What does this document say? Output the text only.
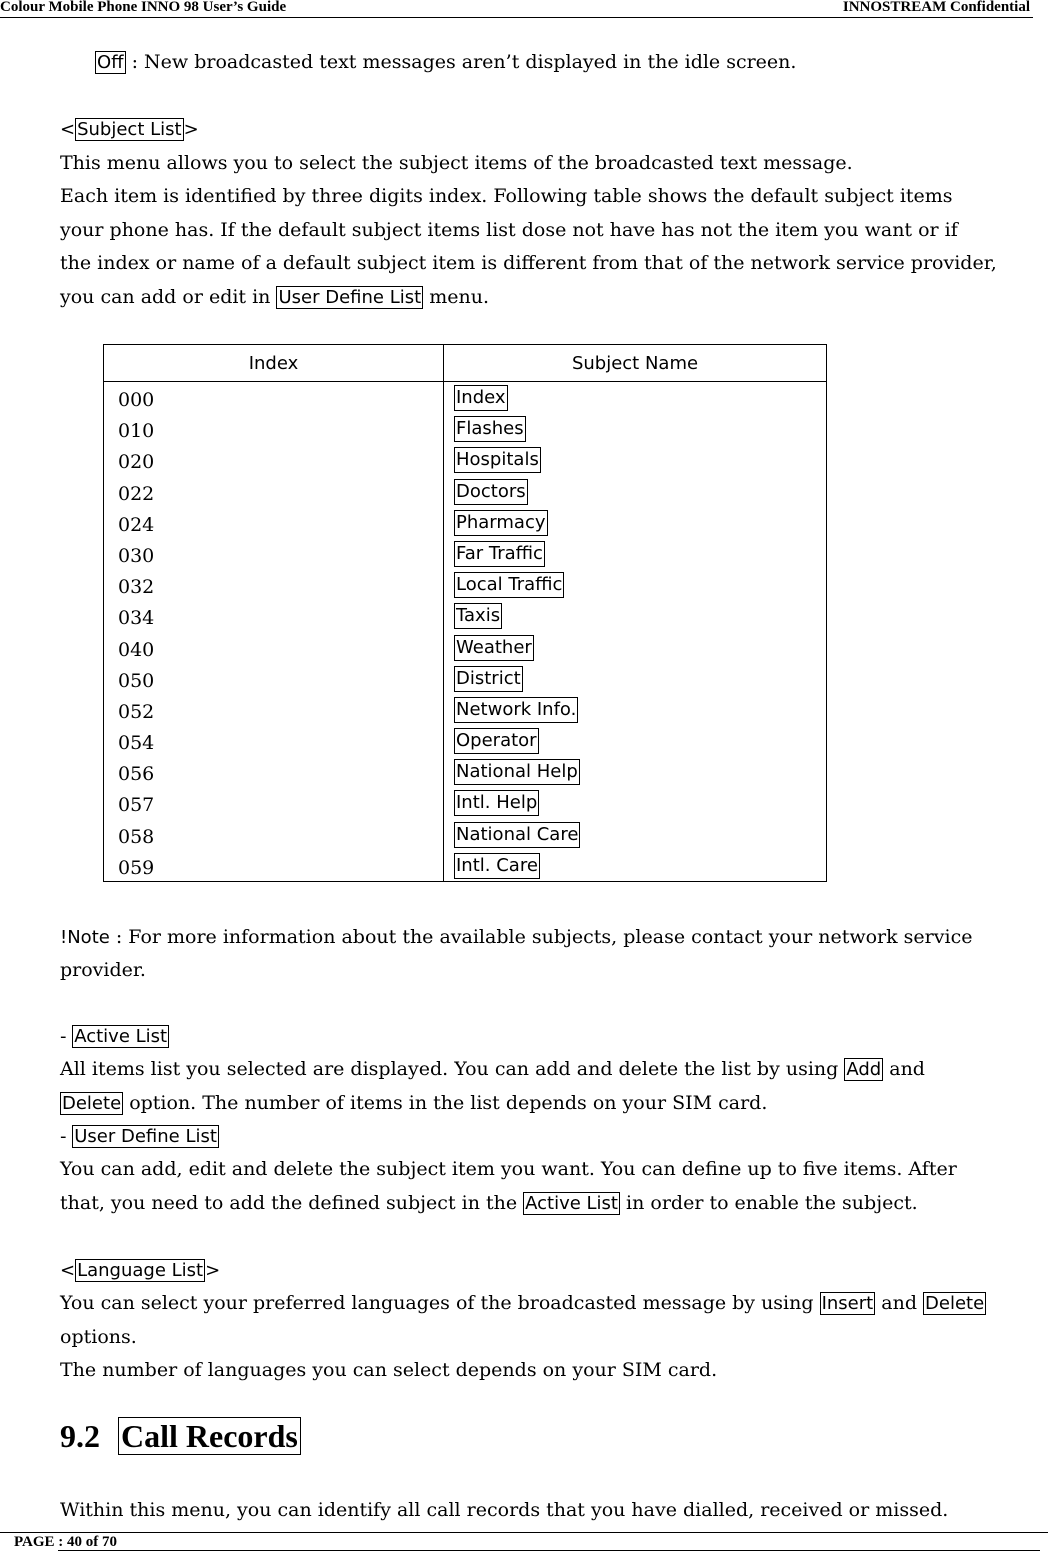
Colour Mobile Phone INNO 98 User’s Guide	INNOSTREAM Confidential
Off : New broadcasted text messages aren’t displayed in the idle screen.
< Subject List >
This menu allows you to select the subject items of the broadcasted text message.
Each item is identified by three digits index. Following table shows the default subject items
your phone has. If the default subject items list dose not have has not the item you want or if
the index or name of a default subject item is different from that of the network service provider,
you can add or edit in User Define List menu.
Index	Subject Name
000
010
020
022
024
030
032
034
040
050
052
054
056
057
058
059
Index
Flashes
Hospitals
Doctors
Pharmacy
Far Traffic
Local Traffic
Taxis
Weather
District
Network Info.
Operator
National Help
Intl. Help
National Care
Intl. Care
!Note : For more information about the available subjects, please contact your network service
provider.
- Active List
All items list you selected are displayed. You can add and delete the list by using Add and
Delete option. The number of items in the list depends on your SIM card.
- User Define List
You can add, edit and delete the subject item you want. You can define up to five items. After
that, you need to add the defined subject in the Active List in order to enable the subject.
< Language List >
You can select your preferred languages of the broadcasted message by using Insert and Delete
options.
The number of languages you can select depends on your SIM card.
9.2 Call Records
Within this menu, you can identify all call records that you have dialled, received or missed.
PAGE : 40 of 70
